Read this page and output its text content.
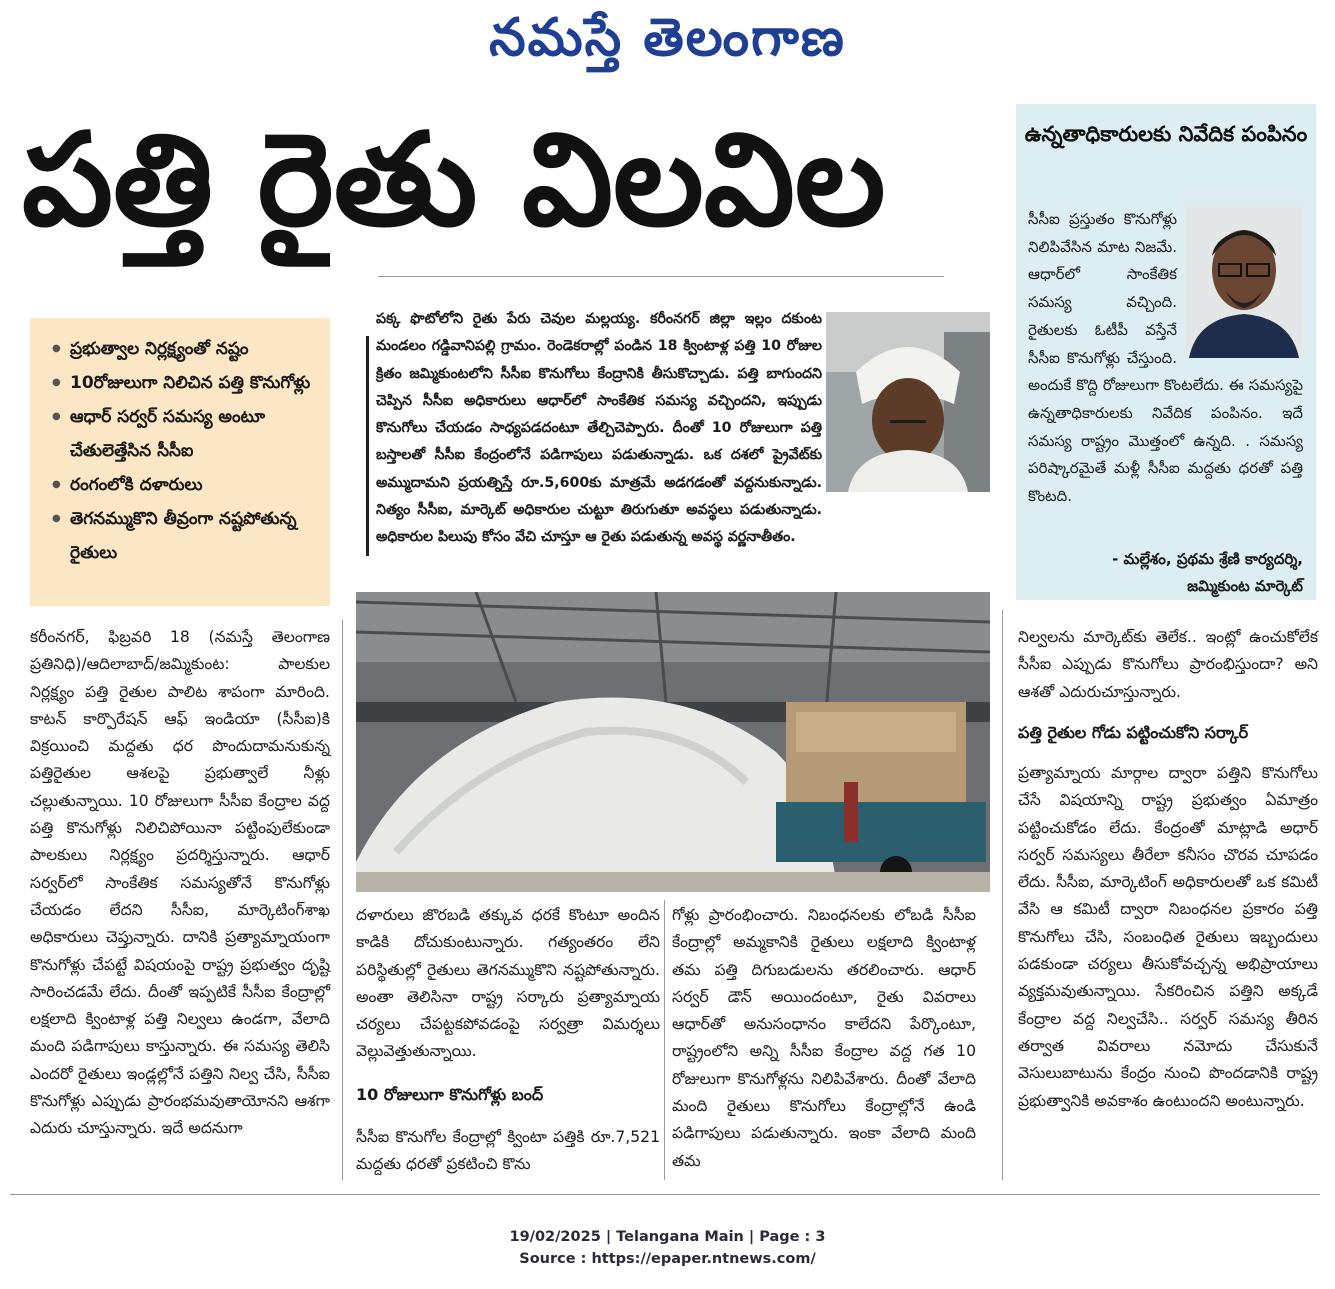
నమస్తే తెలంగాణ
పత్తి రైతు విలవిల
● ప్రభుత్వాల నిర్లక్ష్యంతో నష్టం
● 10రోజులుగా నిలిచిన పత్తి కొనుగోళ్లు
● ఆధార్ సర్వర్ సమస్య అంటూ చేతులెత్తేసిన సీసీఐ
● రంగంలోకి దళారులు
● తెగనమ్ముకొని తీవ్రంగా నష్టపోతున్న రైతులు
పక్క ఫొటోలోని రైతు పేరు చెవుల మల్లయ్య. కరీంనగర్ జిల్లా ఇల్లం దకుంట మండలం గడ్డివానిపల్లి గ్రామం. రెండెకరాల్లో పండిన 18 క్వింటాళ్ల పత్తి 10 రోజుల క్రితం జమ్మికుంటలోని సీసీఐ కొనుగోలు కేంద్రానికి తీసుకొచ్చాడు. పత్తి బాగుందని చెప్పిన సీసీఐ అధికారులు ఆధార్‌లో సాంకేతిక సమస్య వచ్చిందని, ఇప్పుడు కొనుగోలు చేయడం సాధ్యపడదంటూ తేల్చిచెప్పారు. దీంతో 10 రోజులుగా పత్తి బస్తాలతో సీసీఐ కేంద్రంలోనే పడిగాపులు పడుతున్నాడు. ఒక దశలో ప్రైవేట్‌కు అమ్ముదామని ప్రయత్నిస్తే రూ.5,600కు మాత్రమే అడగడంతో వద్దనుకున్నాడు. నిత్యం సీసీఐ, మార్కెట్ అధికారుల చుట్టూ తిరుగుతూ అవస్థలు పడుతున్నాడు. అధికారుల పిలుపు కోసం వేచి చూస్తూ ఆ రైతు పడుతున్న అవస్థ వర్ణనాతీతం.
ఉన్నతాధికారులకు నివేదిక పంపినం
సీసీఐ ప్రస్తుతం కొనుగోళ్లు నిలిపివేసిన మాట నిజమే. ఆధార్‌లో సాంకేతిక సమస్య వచ్చింది. రైతులకు ఓటీపీ వస్తేనే సీసీఐ కొనుగోళ్లు చేస్తుంది. అందుకే కొద్ది రోజులుగా కొంటలేదు. ఈ సమస్యపై ఉన్నతాధికారులకు నివేదిక పంపినం. ఇదే సమస్య రాష్ట్రం మొత్తంలో ఉన్నది. . సమస్య పరిష్కారమైతే మళ్లీ సీసీఐ మద్దతు ధరతో పత్తి కొంటది.
- మల్లేశం, ప్రథమ శ్రేణి కార్యదర్శి,
జమ్మికుంట మార్కెట్
కరీంనగర్, ఫిబ్రవరి 18 (నమస్తే తెలంగాణ ప్రతినిధి)/ఆదిలాబాద్/జమ్మికుంట: పాలకుల నిర్లక్ష్యం పత్తి రైతుల పాలిట శాపంగా మారింది. కాటన్ కార్పొరేషన్ ఆఫ్ ఇండియా (సీసీఐ)కి విక్రయించి మద్దతు ధర పొందుదామనుకున్న పత్తిరైతుల ఆశలపై ప్రభుత్వాలే నీళ్లు చల్లుతున్నాయి. 10 రోజులుగా సీసీఐ కేంద్రాల వద్ద పత్తి కొనుగోళ్లు నిలిచిపోయినా పట్టింపులేకుండా పాలకులు నిర్లక్ష్యం ప్రదర్శిస్తున్నారు. ఆధార్ సర్వర్‌లో సాంకేతిక సమస్యతోనే కొనుగోళ్లు చేయడం లేదని సీసీఐ, మార్కెటింగ్‌శాఖ అధికారులు చెప్తున్నారు. దానికి ప్రత్యామ్నాయంగా కొనుగోళ్లు చేపట్టే విషయంపై రాష్ట్ర ప్రభుత్వం దృష్టి సారించడమే లేదు. దీంతో ఇప్పటికే సీసీఐ కేంద్రాల్లో లక్షలాది క్వింటాళ్ల పత్తి నిల్వలు ఉండగా, వేలాది మంది పడిగాపులు కాస్తున్నారు. ఈ సమస్య తెలిసి ఎందరో రైతులు ఇండ్లల్లోనే పత్తిని నిల్వ చేసి, సీసీఐ కొనుగోళ్లు ఎప్పుడు ప్రారంభమవుతాయోనని ఆశగా ఎదురు చూస్తున్నారు. ఇదే అదనుగా
దళారులు జొరబడి తక్కువ ధరకే కొంటూ అందిన కాడికి దోచుకుంటున్నారు. గత్యంతరం లేని పరిస్థితుల్లో రైతులు తెగనమ్ముకొని నష్టపోతున్నారు. అంతా తెలిసినా రాష్ట్ర సర్కారు ప్రత్యామ్నాయ చర్యలు చేపట్టకపోవడంపై సర్వత్రా విమర్శలు వెల్లువెత్తుతున్నాయి.
10 రోజులుగా కొనుగోళ్లు బంద్
సీసీఐ కొనుగోల కేంద్రాల్లో క్వింటా పత్తికి రూ.7,521 మద్దతు ధరతో ప్రకటించి కొను
గోళ్లు ప్రారంభించారు. నిబంధనలకు లోబడి సీసీఐ కేంద్రాల్లో అమ్మకానికి రైతులు లక్షలాది క్వింటాళ్ల తమ పత్తి దిగుబడులను తరలించారు. ఆధార్ సర్వర్ డౌన్ అయిందంటూ, రైతు వివరాలు ఆధార్‌తో అనుసంధానం కాలేదని పేర్కొంటూ, రాష్ట్రంలోని అన్ని సీసీఐ కేంద్రాల వద్ద గత 10 రోజులుగా కొనుగోళ్లను నిలిపివేశారు. దీంతో వేలాది మంది రైతులు కొనుగోలు కేంద్రాల్లోనే ఉండి పడిగాపులు పడుతున్నారు. ఇంకా వేలాది మంది తమ
నిల్వలను మార్కెట్‌కు తెలేక.. ఇంట్లో ఉంచుకోలేక సీసీఐ ఎప్పుడు కొనుగోలు ప్రారంభిస్తుందా? అని ఆశతో ఎదురుచూస్తున్నారు.
పత్తి రైతుల గోడు పట్టించుకోని సర్కార్
ప్రత్యామ్నాయ మార్గాల ద్వారా పత్తిని కొనుగోలు చేసే విషయాన్ని రాష్ట్ర ప్రభుత్వం ఏమాత్రం పట్టించుకోడం లేదు. కేంద్రంతో మాట్లాడి అధార్ సర్వర్ సమస్యలు తీరేలా కనీసం చొరవ చూపడం లేదు. సీసీఐ, మార్కెటింగ్ అధికారులతో ఒక కమిటీ వేసి ఆ కమిటీ ద్వారా నిబంధనల ప్రకారం పత్తి కొనుగోలు చేసి, సంబంధిత రైతులు ఇబ్బందులు పడకుండా చర్యలు తీసుకోవచ్చన్న అభిప్రాయాలు వ్యక్తమవుతున్నాయి. సేకరించిన పత్తిని అక్కడే కేంద్రాల వద్ద నిల్వచేసి.. సర్వర్ సమస్య తీరిన తర్వాత వివరాలు నమోదు చేసుకునే వెసులుబాటును కేంద్రం నుంచి పొందడానికి రాష్ట్ర ప్రభుత్వానికి అవకాశం ఉంటుందని అంటున్నారు.
19/02/2025 | Telangana Main | Page : 3
Source : https://epaper.ntnews.com/
